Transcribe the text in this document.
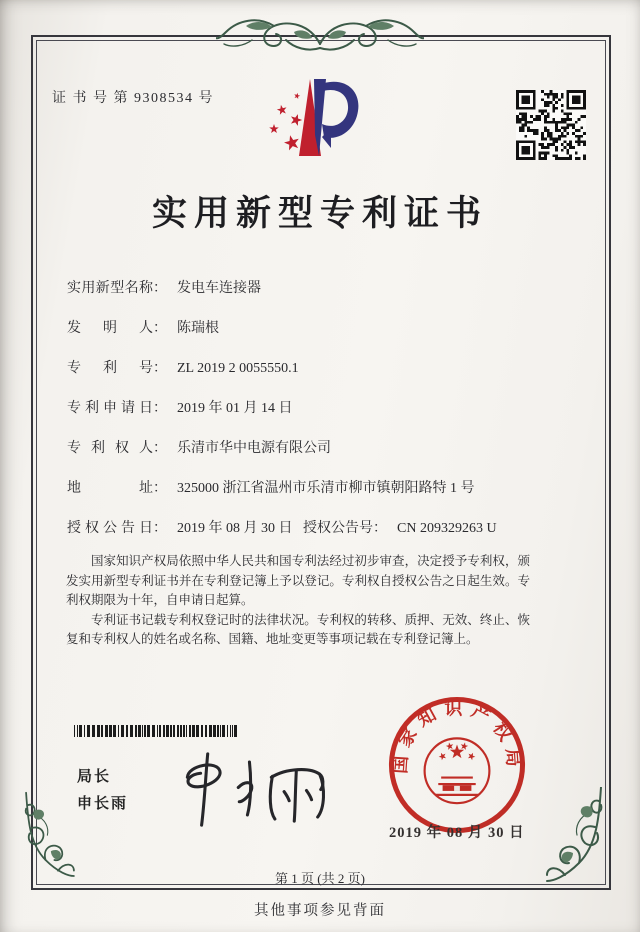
证 书 号 第 9308534 号
实用新型专利证书
实用新型名称： 发电车连接器
发明人： 陈瑞根
专利号： ZL 2019 2 0055550.1
专利申请日： 2019 年 01 月 14 日
专利权人： 乐清市华中电源有限公司
地址： 325000 浙江省温州市乐清市柳市镇朝阳路特 1 号
授权公告日： 2019 年 08 月 30 日 授权公告号： CN 209329263 U

国家知识产权局依照中华人民共和国专利法经过初步审查，决定授予专利权，颁发实用新型专利证书并在专利登记簿上予以登记。专利权自授权公告之日起生效。专利权期限为十年，自申请日起算。

专利证书记载专利权登记时的法律状况。专利权的转移、质押、无效、终止、恢复和专利权人的姓名或名称、国籍、地址变更等事项记载在专利登记簿上。

局长
申长雨
国家知识产权局
2019 年 08 月 30 日
第 1 页 (共 2 页)
其他事项参见背面
